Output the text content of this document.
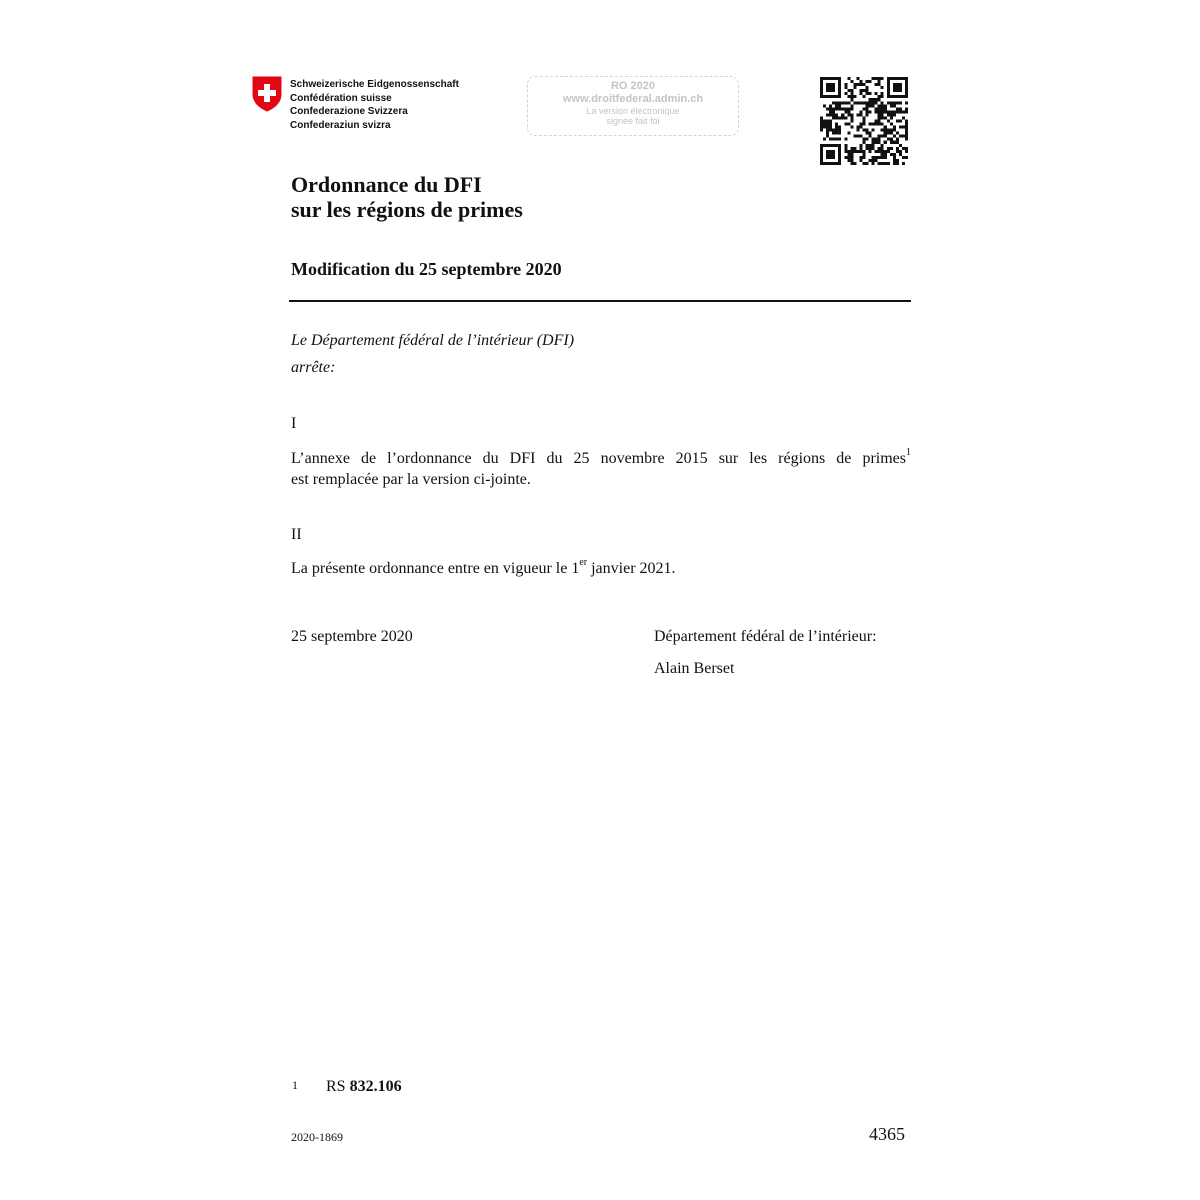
Schweizerische Eidgenossenschaft
Confédération suisse
Confederazione Svizzera
Confederaziun svizra
RO 2020
www.droitfederal.admin.ch
La version électronique
signée fait foi
Ordonnance du DFI
sur les régions de primes
Modification du 25 septembre 2020
Le Département fédéral de l’intérieur (DFI)
arrête:
I
L’annexe de l’ordonnance du DFI du 25 novembre 2015 sur les régions de primes$^1$
est remplacée par la version ci-jointe.
II
La présente ordonnance entre en vigueur le 1er janvier 2021.
25 septembre 2020	Département fédéral de l’intérieur:
Alain Berset
1 RS 832.106
2020-1869	4365
